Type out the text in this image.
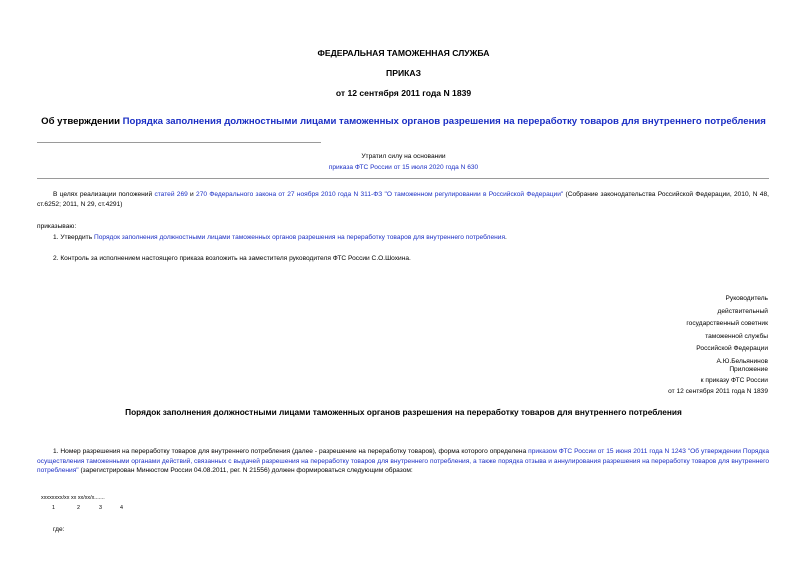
ФЕДЕРАЛЬНАЯ ТАМОЖЕННАЯ СЛУЖБА
ПРИКАЗ
от 12 сентября 2011 года N 1839
Об утверждении Порядка заполнения должностными лицами таможенных органов разрешения на переработку товаров для внутреннего потребления
Утратил силу на основании
приказа ФТС России от 15 июля 2020 года N 630
В целях реализации положений статей 269 и 270 Федерального закона от 27 ноября 2010 года N 311-ФЗ "О таможенном регулировании в Российской Федерации" (Собрание законодательства Российской Федерации, 2010, N 48, ст.6252; 2011, N 29, ст.4291)
приказываю:
1. Утвердить Порядок заполнения должностными лицами таможенных органов разрешения на переработку товаров для внутреннего потребления.
2. Контроль за исполнением настоящего приказа возложить на заместителя руководителя ФТС России С.О.Шохина.
Руководитель
действительный
государственный советник
таможенной службы
Российской Федерации
А.Ю.Бельянинов
Приложение
к приказу ФТС России
от 12 сентября 2011 года N 1839
Порядок заполнения должностными лицами таможенных органов разрешения на переработку товаров для внутреннего потребления
1. Номер разрешения на переработку товаров для внутреннего потребления (далее - разрешение на переработку товаров), форма которого определена приказом ФТС России от 15 июня 2011 года N 1243 "Об утверждении Порядка осуществления таможенными органами действий, связанных с выдачей разрешения на переработку товаров для внутреннего потребления, а также порядка отзыва и аннулирования разрешения на переработку товаров для внутреннего потребления" (зарегистрирован Минюстом России 04.08.2011, рег. N 21556) должен формироваться следующим образом:
xxxxxxxx/xx xx xx/xx/x.......
1	2	3	4
где:
